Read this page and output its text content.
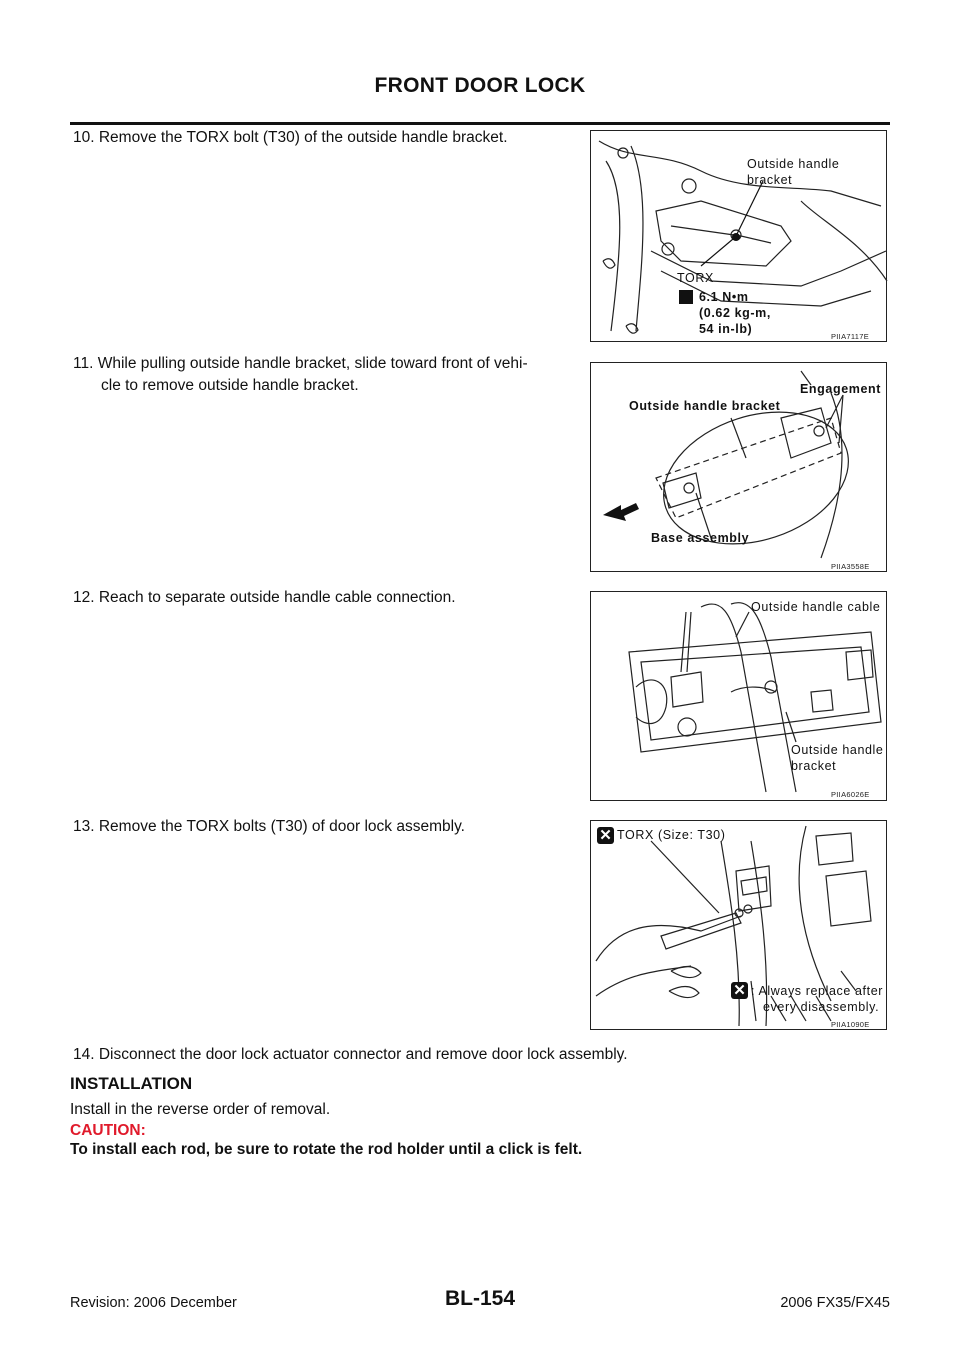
FRONT DOOR LOCK
10. Remove the TORX bolt (T30) of the outside handle bracket.
11. While pulling outside handle bracket, slide toward front of vehi-
cle to remove outside handle bracket.
12. Reach to separate outside handle cable connection.
13. Remove the TORX bolts (T30) of door lock assembly.
14. Disconnect the door lock actuator connector and remove door lock assembly.
Outside handle
bracket
TORX
6.1 N•m
(0.62 kg-m,
54 in-lb)
PIIA7117E
Engagement
Outside handle bracket
Base assembly
PIIA3558E
Outside handle cable
Outside handle
bracket
PIIA6026E
✕ TORX (Size: T30)
✕ : Always replace after
every disassembly.
PIIA1090E
INSTALLATION
Install in the reverse order of removal.
CAUTION:
To install each rod, be sure to rotate the rod holder until a click is felt.
BL-154
Revision: 2006 December	2006 FX35/FX45
